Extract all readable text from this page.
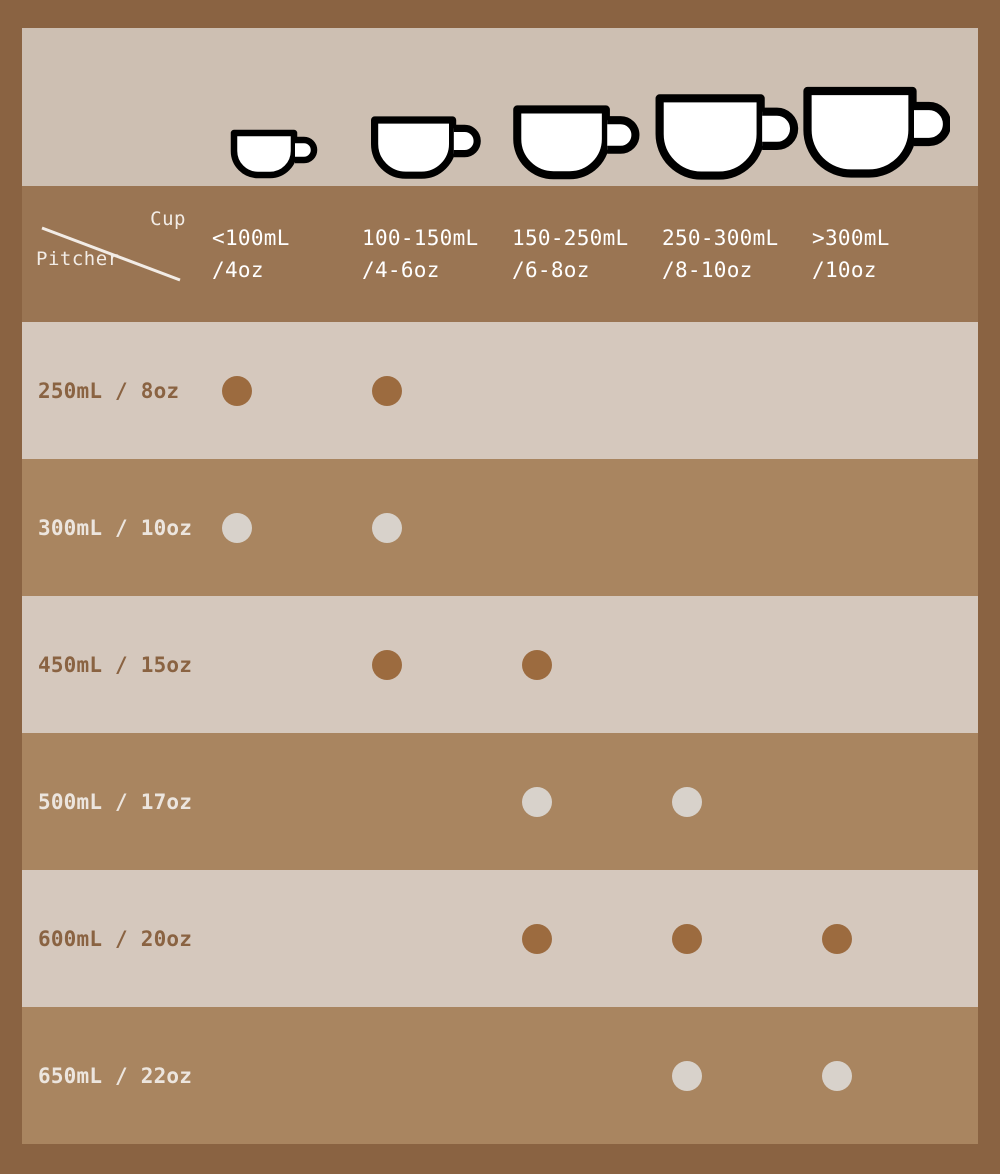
Cup
Pitcher
<100mL
/4oz
100-150mL
/4-6oz
150-250mL
/6-8oz
250-300mL
/8-10oz
>300mL
/10oz
250mL / 8oz
300mL / 10oz
450mL / 15oz
500mL / 17oz
600mL / 20oz
650mL / 22oz
